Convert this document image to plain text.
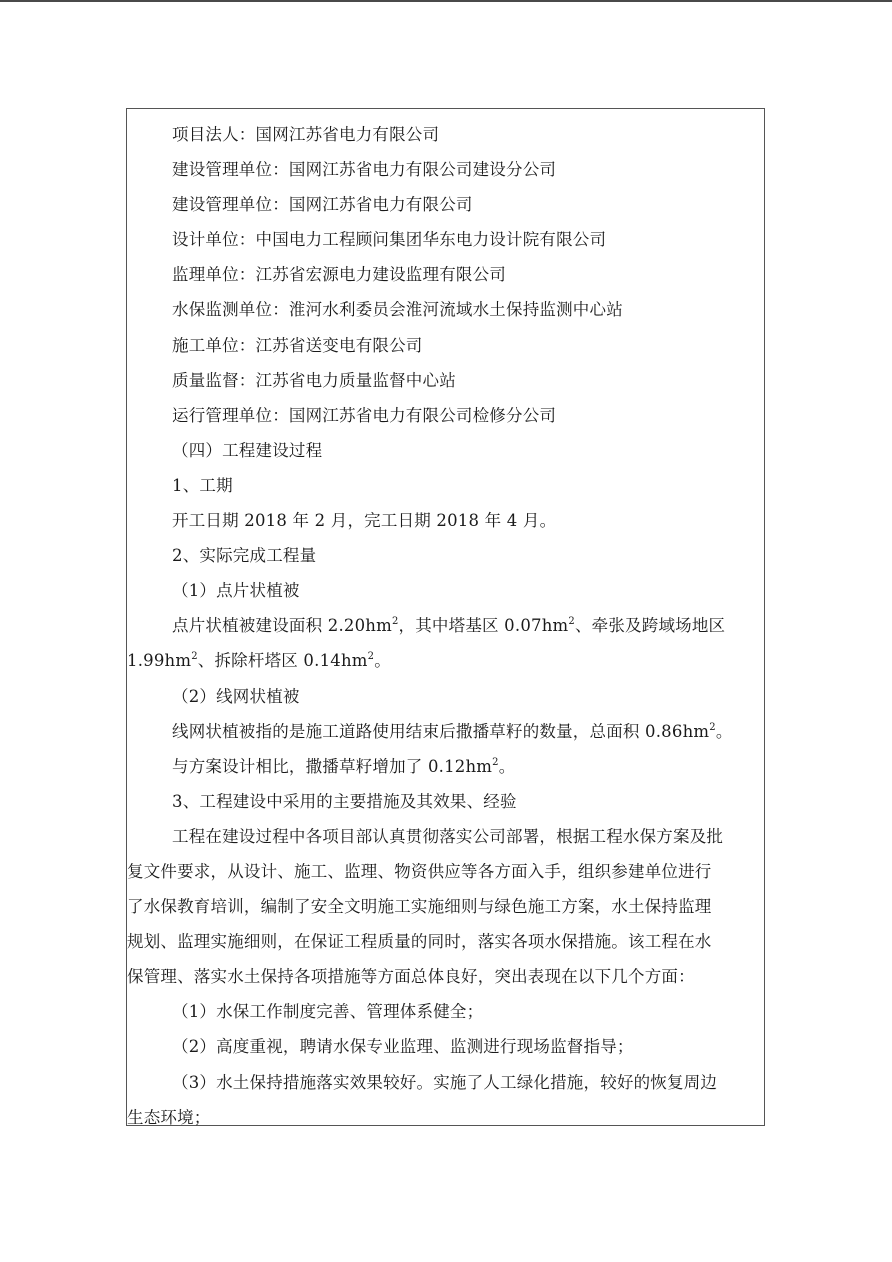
项目法人：国网江苏省电力有限公司
建设管理单位：国网江苏省电力有限公司建设分公司
建设管理单位：国网江苏省电力有限公司
设计单位：中国电力工程顾问集团华东电力设计院有限公司
监理单位：江苏省宏源电力建设监理有限公司
水保监测单位：淮河水利委员会淮河流域水土保持监测中心站
施工单位：江苏省送变电有限公司
质量监督：江苏省电力质量监督中心站
运行管理单位：国网江苏省电力有限公司检修分公司
（四）工程建设过程
1、工期
开工日期 2018 年 2 月，完工日期 2018 年 4 月。
2、实际完成工程量
（1）点片状植被
点片状植被建设面积 $2.20hm^2$，其中塔基区 $0.07hm^2$、牵张及跨域场地区
$1.99hm^2$、拆除杆塔区 $0.14hm^2$。
（2）线网状植被
线网状植被指的是施工道路使用结束后撒播草籽的数量，总面积 $0.86hm^2$。
与方案设计相比，撒播草籽增加了 $0.12hm^2$。
3、工程建设中采用的主要措施及其效果、经验
工程在建设过程中各项目部认真贯彻落实公司部署，根据工程水保方案及批
复文件要求，从设计、施工、监理、物资供应等各方面入手，组织参建单位进行
了水保教育培训，编制了安全文明施工实施细则与绿色施工方案，水土保持监理
规划、监理实施细则，在保证工程质量的同时，落实各项水保措施。该工程在水
保管理、落实水土保持各项措施等方面总体良好，突出表现在以下几个方面：
（1）水保工作制度完善、管理体系健全；
（2）高度重视，聘请水保专业监理、监测进行现场监督指导；
（3）水土保持措施落实效果较好。实施了人工绿化措施，较好的恢复周边
生态环境；
